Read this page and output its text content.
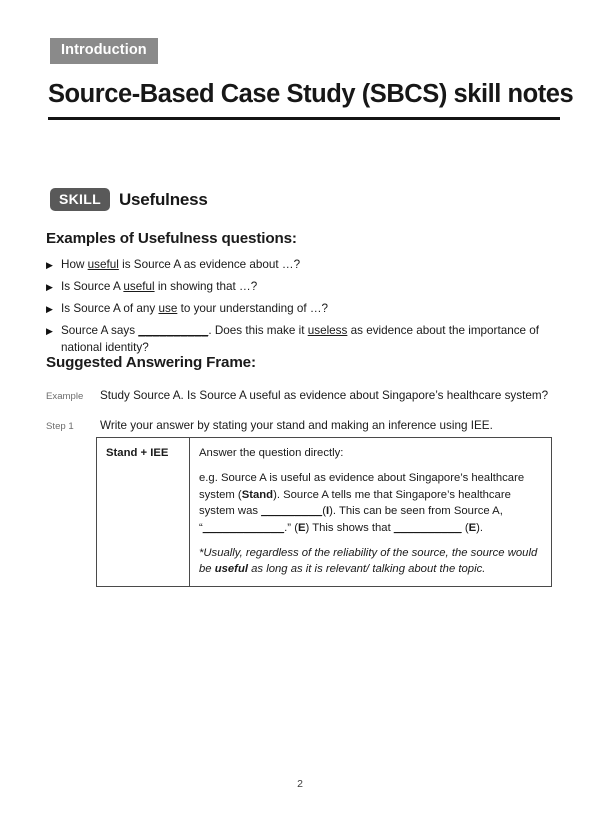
Introduction
Source-Based Case Study (SBCS) skill notes
SKILL	Usefulness
Examples of Usefulness questions:
▶ How useful is Source A as evidence about …?
▶ Is Source A useful in showing that …?
▶ Is Source A of any use to your understanding of …?
▶ Source A says __________. Does this make it useless as evidence about the importance of national identity?
Suggested Answering Frame:
Example	Study Source A. Is Source A useful as evidence about Singapore’s healthcare system?
Step 1	Write your answer by stating your stand and making an inference using IEE.
Stand + IEE	Answer the question directly:

e.g. Source A is useful as evidence about Singapore’s healthcare system (Stand). Source A tells me that Singapore’s healthcare system was _________(I). This can be seen from Source A, “____________.” (E) This shows that __________ (E).

*Usually, regardless of the reliability of the source, the source would be useful as long as it is relevant/ talking about the topic.

2
